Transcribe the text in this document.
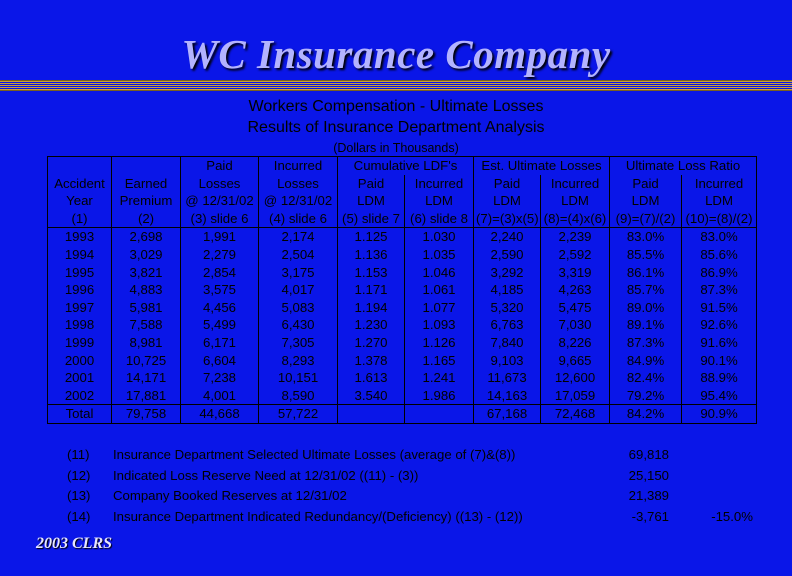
WC Insurance Company
Workers Compensation - Ultimate Losses
Results of Insurance Department Analysis
(Dollars in Thousands)
		Paid	Incurred	Cumulative LDF's		Est. Ultimate Losses		Ultimate Loss Ratio	
Accident	Earned	Losses	Losses	Paid	Incurred	Paid	Incurred	Paid	Incurred
Year	Premium	@ 12/31/02	@ 12/31/02	LDM	LDM	LDM	LDM	LDM	LDM
(1)	(2)	(3) slide 6	(4) slide 6	(5) slide 7	(6) slide 8	(7)=(3)x(5)	(8)=(4)x(6)	(9)=(7)/(2)	(10)=(8)/(2)
1993	2,698	1,991	2,174	1.125	1.030	2,240	2,239	83.0%	83.0%
1994	3,029	2,279	2,504	1.136	1.035	2,590	2,592	85.5%	85.6%
1995	3,821	2,854	3,175	1.153	1.046	3,292	3,319	86.1%	86.9%
1996	4,883	3,575	4,017	1.171	1.061	4,185	4,263	85.7%	87.3%
1997	5,981	4,456	5,083	1.194	1.077	5,320	5,475	89.0%	91.5%
1998	7,588	5,499	6,430	1.230	1.093	6,763	7,030	89.1%	92.6%
1999	8,981	6,171	7,305	1.270	1.126	7,840	8,226	87.3%	91.6%
2000	10,725	6,604	8,293	1.378	1.165	9,103	9,665	84.9%	90.1%
2001	14,171	7,238	10,151	1.613	1.241	11,673	12,600	82.4%	88.9%
2002	17,881	4,001	8,590	3.540	1.986	14,163	17,059	79.2%	95.4%
Total	79,758	44,668	57,722			67,168	72,468	84.2%	90.9%
(11) Insurance Department Selected Ultimate Losses (average of (7)&(8))	69,818
(12) Indicated Loss Reserve Need at 12/31/02 ((11) - (3))	25,150
(13) Company Booked Reserves at 12/31/02	21,389
(14) Insurance Department Indicated Redundancy/(Deficiency) ((13) - (12))	-3,761	-15.0%
2003 CLRS
